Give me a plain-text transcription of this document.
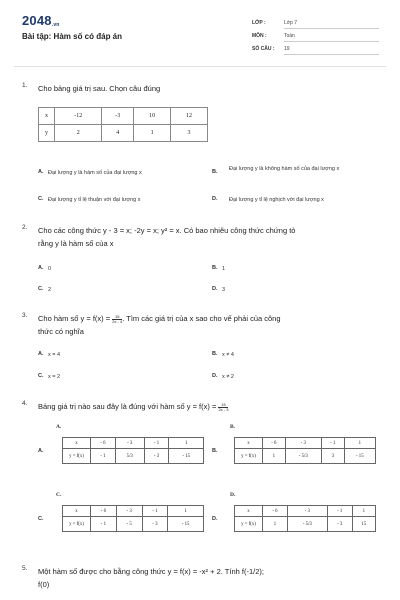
2048.vn
Bài tập: Hàm số có đáp án
LỚP :	Lớp 7
MÔN :	Toán
SỐ CÂU :	19
1. Cho bảng giá trị sau. Chọn câu đúng
x	-12	-3	10	12
y	2	4	1	3
A. Đại lượng y là hàm số của đại lượng x	B. Đại lượng y là không hàm số của đại lượng x
C. Đại lượng y tỉ lệ thuận với đại lượng x	D. Đại lượng y tỉ lệ nghịch với đại lượng x
2. Cho các công thức y - 3 = x; -2y = x; y² = x. Có bao nhiêu công thức chứng tỏ
rằng y là hàm số của x
A. 0	B. 1
C. 2	D. 3
3. Cho hàm số $y = f(x) = \frac{15}{2x - 4}$. Tìm các giá trị của x sao cho vế phải của công
thức có nghĩa
A. x = 4	B. x ≠ 4
C. x = 2	D. x ≠ 2
4. Bảng giá trị nào sau đây là đúng với hàm số $y = f(x) = \frac{15}{2x - 3}$
A.
A.
x	- 6	- 3	- 1	1
y = f(x)	- 1	5/3	- 3	- 15
B.
B.
x	- 6	- 3	- 1	1
y = f(x)	1	- 5/3	3	- 15
C.
C.
x	- 6	- 3	- 1	1
y = f(x)	- 1	- 5	- 3	- 15
D.
D.
x	- 6	- 3	- 1	1
y = f(x)	1	- 5/3	- 3	15
5. Một hàm số được cho bằng công thức y = f(x) = -x² + 2. Tính f(-1/2);
f(0)
